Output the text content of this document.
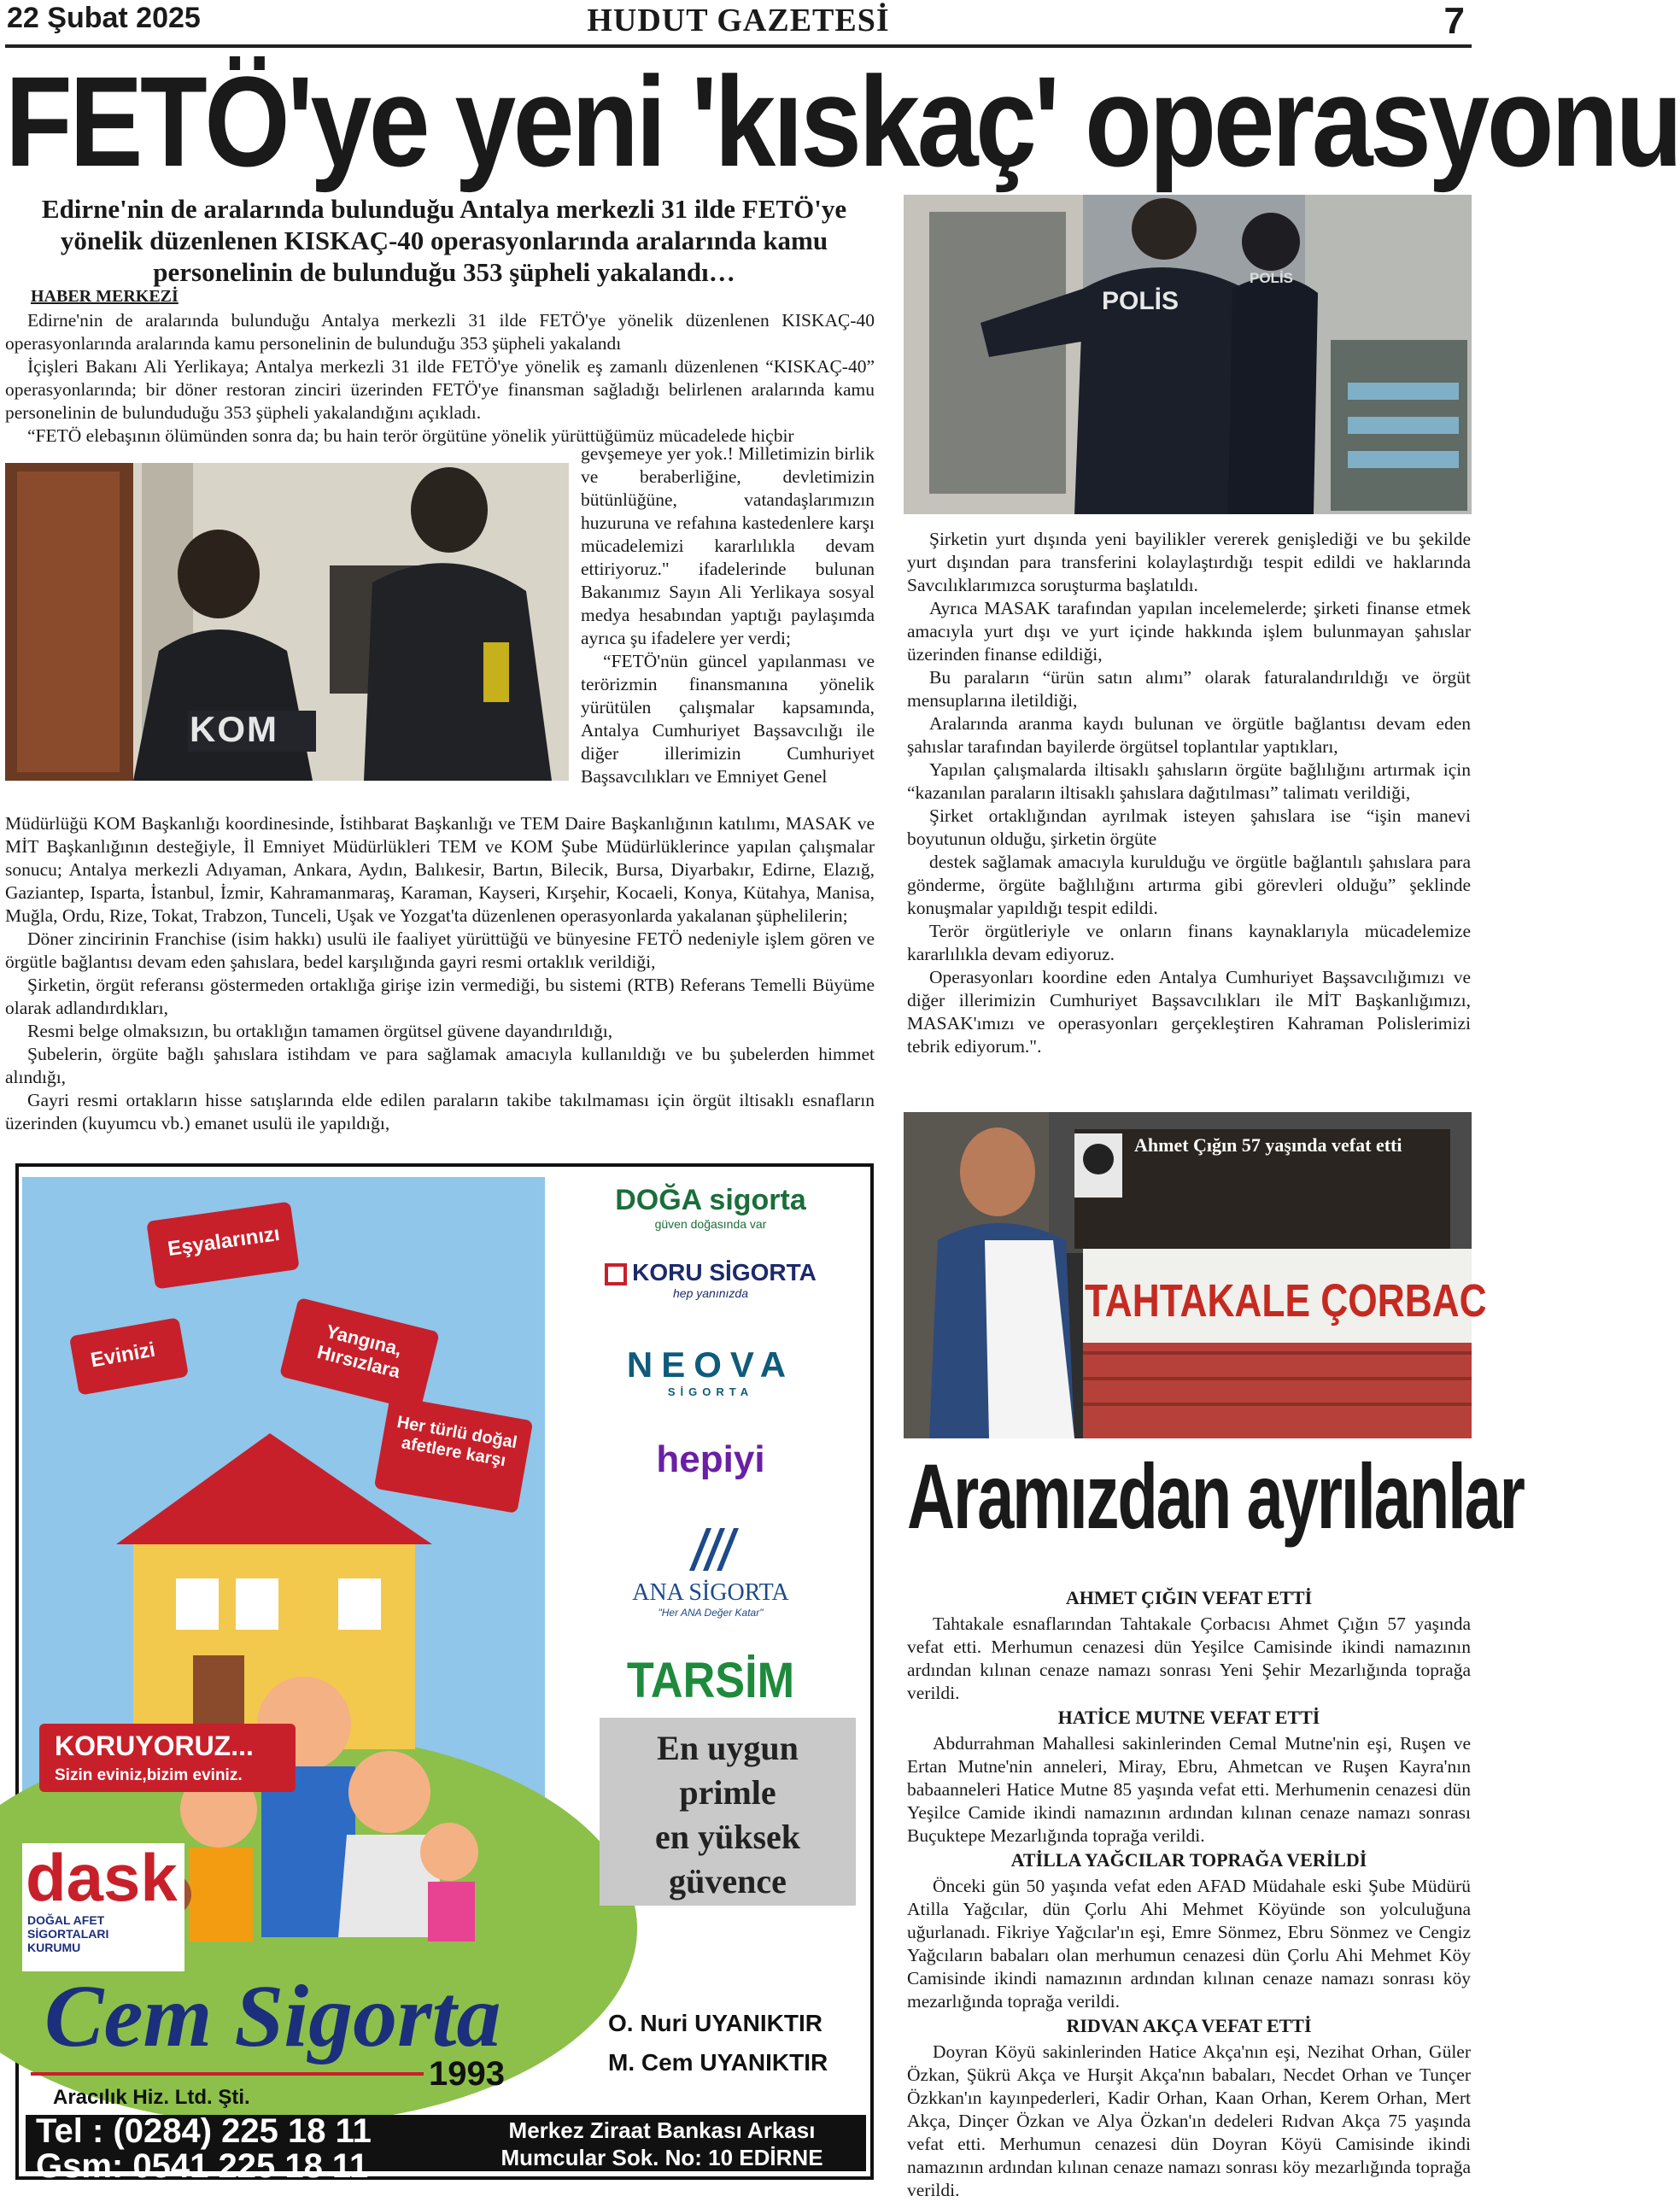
22 Şubat 2025	HUDUT GAZETESİ	7
FETÖ'ye yeni 'kıskaç' operasyonu
Edirne'nin de aralarında bulunduğu Antalya merkezli 31 ilde FETÖ'ye yönelik düzenlenen KISKAÇ-40 operasyonlarında aralarında kamu personelinin de bulunduğu 353 şüpheli yakalandı…
HABER MERKEZİ

Edirne'nin de aralarında bulunduğu Antalya merkezli 31 ilde FETÖ'ye yönelik düzenlenen KISKAÇ-40 operasyonlarında aralarında kamu personelinin de bulunduğu 353 şüpheli yakalandı

İçişleri Bakanı Ali Yerlikaya; Antalya merkezli 31 ilde FETÖ'ye yönelik eş zamanlı düzenlenen “KISKAÇ-40” operasyonlarında; bir döner restoran zinciri üzerinden FETÖ'ye finansman sağladığı belirlenen aralarında kamu personelinin de bulunduduğu 353 şüpheli yakalandığını açıkladı.

“FETÖ elebaşının ölümünden sonra da; bu hain terör örgütüne yönelik yürüttüğümüz mücadelede hiçbir

KOM

gevşemeye yer yok.! Milletimizin birlik ve beraberliğine, devletimizin bütünlüğüne, vatandaşlarımızın huzuruna ve refahına kastedenlere karşı mücadelemizi kararlılıkla devam ettiriyoruz." ifadelerinde bulunan Bakanımız Sayın Ali Yerlikaya sosyal medya hesabından yaptığı paylaşımda ayrıca şu ifadelere yer verdi;

“FETÖ'nün güncel yapılanması ve terörizmin finansmanına yönelik yürütülen çalışmalar kapsamında, Antalya Cumhuriyet Başsavcılığı ile diğer illerimizin Cumhuriyet Başsavcılıkları ve Emniyet Genel

Müdürlüğü KOM Başkanlığı koordinesinde, İstihbarat Başkanlığı ve TEM Daire Başkanlığının katılımı, MASAK ve MİT Başkanlığının desteğiyle, İl Emniyet Müdürlükleri TEM ve KOM Şube Müdürlüklerince yapılan çalışmalar sonucu; Antalya merkezli Adıyaman, Ankara, Aydın, Balıkesir, Bartın, Bilecik, Bursa, Diyarbakır, Edirne, Elazığ, Gaziantep, Isparta, İstanbul, İzmir, Kahramanmaraş, Karaman, Kayseri, Kırşehir, Kocaeli, Konya, Kütahya, Manisa, Muğla, Ordu, Rize, Tokat, Trabzon, Tunceli, Uşak ve Yozgat'ta düzenlenen operasyonlarda yakalanan şüphelilerin;

Döner zincirinin Franchise (isim hakkı) usulü ile faaliyet yürüttüğü ve bünyesine FETÖ nedeniyle işlem gören ve örgütle bağlantısı devam eden şahıslara, bedel karşılığında gayri resmi ortaklık verildiği,

Şirketin, örgüt referansı göstermeden ortaklığa girişe izin vermediği, bu sistemi (RTB) Referans Temelli Büyüme olarak adlandırdıkları,

Resmi belge olmaksızın, bu ortaklığın tamamen örgütsel güvene dayandırıldığı,

Şubelerin, örgüte bağlı şahıslara istihdam ve para sağlamak amacıyla kullanıldığı ve bu şubelerden himmet alındığı,

Gayri resmi ortakların hisse satışlarında elde edilen paraların takibe takılmaması için örgüt iltisaklı esnafların üzerinden (kuyumcu vb.) emanet usulü ile yapıldığı,

POLİS
POLİS

Şirketin yurt dışında yeni bayilikler vererek genişlediği ve bu şekilde yurt dışından para transferini kolaylaştırdığı tespit edildi ve haklarında Savcılıklarımızca soruşturma başlatıldı.

Ayrıca MASAK tarafından yapılan incelemelerde; şirketi finanse etmek amacıyla yurt dışı ve yurt içinde hakkında işlem bulunmayan şahıslar üzerinden finanse edildiği,

Bu paraların “ürün satın alımı” olarak faturalandırıldığı ve örgüt mensuplarına iletildiği,

Aralarında aranma kaydı bulunan ve örgütle bağlantısı devam eden şahıslar tarafından bayilerde örgütsel toplantılar yaptıkları,

Yapılan çalışmalarda iltisaklı şahısların örgüte bağlılığını artırmak için “kazanılan paraların iltisaklı şahıslara dağıtılması” talimatı verildiği,

Şirket ortaklığından ayrılmak isteyen şahıslara ise “işin manevi boyutunun olduğu, şirketin örgüte

destek sağlamak amacıyla kurulduğu ve örgütle bağlantılı şahıslara para gönderme, örgüte bağlılığını artırma gibi görevleri olduğu” şeklinde konuşmalar yapıldığı tespit edildi.

Terör örgütleriyle ve onların finans kaynaklarıyla mücadelemize kararlılıkla devam ediyoruz.

Operasyonları koordine eden Antalya Cumhuriyet Başsavcılığımızı ve diğer illerimizin Cumhuriyet Başsavcılıkları ile MİT Başkanlığımızı, MASAK'ımızı ve operasyonları gerçekleştiren Kahraman Polislerimizi tebrik ediyorum.".

Ahmet Çığın 57 yaşında vefat etti
TAHTAKALE ÇORBAC
Aramızdan ayrılanlar
AHMET ÇIĞIN VEFAT ETTİ

Tahtakale esnaflarından Tahtakale Çorbacısı Ahmet Çığın 57 yaşında vefat etti. Merhumun cenazesi dün Yeşilce Camisinde ikindi namazının ardından kılınan cenaze namazı sonrası Yeni Şehir Mezarlığında toprağa verildi.

HATİCE MUTNE VEFAT ETTİ

Abdurrahman Mahallesi sakinlerinden Cemal Mutne'nin eşi, Ruşen ve Ertan Mutne'nin anneleri, Miray, Ebru, Ahmetcan ve Ruşen Kayra'nın babaanneleri Hatice Mutne 85 yaşında vefat etti. Merhumenin cenazesi dün Yeşilce Camide ikindi namazının ardından kılınan cenaze namazı sonrası Buçuktepe Mezarlığında toprağa verildi.

ATİLLA YAĞCILAR TOPRAĞA VERİLDİ

Önceki gün 50 yaşında vefat eden AFAD Müdahale eski Şube Müdürü Atilla Yağcılar, dün Çorlu Ahi Mehmet Köyünde son yolculuğuna uğurlanadı. Fikriye Yağcılar'ın eşi, Emre Sönmez, Ebru Sönmez ve Cengiz Yağcıların babaları olan merhumun cenazesi dün Çorlu Ahi Mehmet Köy Camisinde ikindi namazının ardından kılınan cenaze namazı sonrası köy mezarlığında toprağa verildi.

RIDVAN AKÇA VEFAT ETTİ

Doyran Köyü sakinlerinden Hatice Akça'nın eşi, Nezihat Orhan, Güler Özkan, Şükrü Akça ve Hurşit Akça'nın babaları, Necdet Orhan ve Tunçer Özkkan'ın kayınpederleri, Kadir Orhan, Kaan Orhan, Kerem Orhan, Mert Akça, Dinçer Özkan ve Alya Özkan'ın dedeleri Rıdvan Akça 75 yaşında vefat etti. Merhumun cenazesi dün Doyran Köyü Camisinde ikindi namazının ardından kılınan cenaze namazı sonrası köy mezarlığında toprağa verildi.

Eşyalarınızı
Evinizi	Yangına, Hırsızlara
Her türlü doğal afetlere karşı
KORUYORUZ...
Sizin eviniz,bizim eviniz.
dask
DOĞAL AFET SİGORTALARI KURUMU
DOĞA sigorta
güven doğasında var
KORU SİGORTA
hep yanınızda
NEOVA
SİGORTA
hepiyi
ANA SİGORTA
"Her ANA Değer Katar"
TARSİM
En uygun
primle
en yüksek
güvence
Cem Sigorta
1993
Aracılık Hiz. Ltd. Şti.
O. Nuri UYANIKTIR
M. Cem UYANIKTIR
Tel : (0284) 225 18 11
Gsm: 0541 225 18 11
Merkez Ziraat Bankası Arkası
Mumcular Sok. Nо: 10 EDİRNE
